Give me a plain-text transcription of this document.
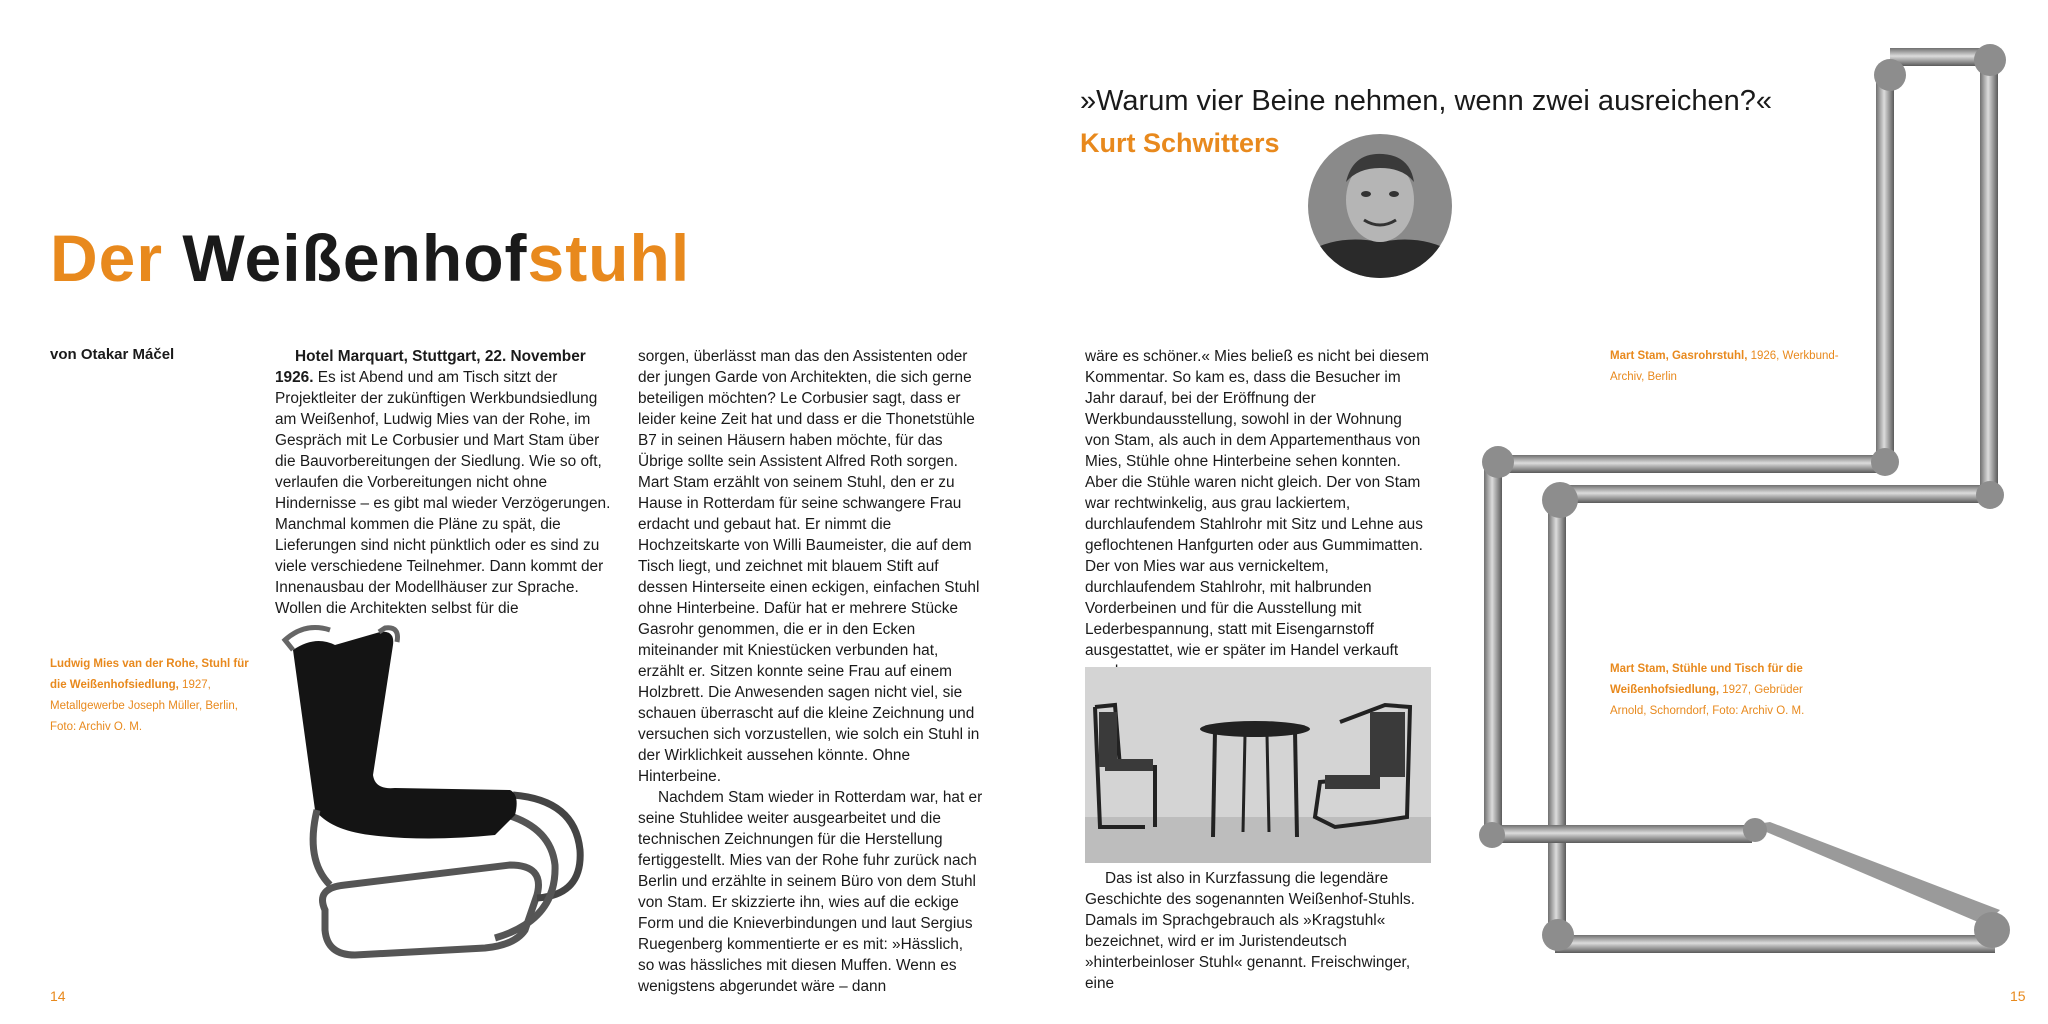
Der Weißenhofstuhl
von Otakar Máčel
Ludwig Mies van der Rohe, Stuhl für die Weißenhofsiedlung, 1927, Metallgewerbe Joseph Müller, Berlin, Foto: Archiv O. M.

Hotel Marquart, Stuttgart, 22. November 1926. Es ist Abend und am Tisch sitzt der Projektleiter der zukünftigen Werkbundsiedlung am Weißenhof, Ludwig Mies van der Rohe, im Gespräch mit Le Corbusier und Mart Stam über die Bauvorbereitungen der Siedlung. Wie so oft, verlaufen die Vorbereitungen nicht ohne Hindernisse – es gibt mal wieder Verzögerungen. Manchmal kommen die Pläne zu spät, die Lieferungen sind nicht pünktlich oder es sind zu viele verschiedene Teilnehmer. Dann kommt der Innenausbau der Modellhäuser zur Sprache. Wollen die Architekten selbst für die

sorgen, überlässt man das den Assistenten oder der jungen Garde von Architekten, die sich gerne beteiligen möchten? Le Corbusier sagt, dass er leider keine Zeit hat und dass er die Thonetstühle B7 in seinen Häusern haben möchte, für das Übrige sollte sein Assistent Alfred Roth sorgen. Mart Stam erzählt von seinem Stuhl, den er zu Hause in Rotterdam für seine schwangere Frau erdacht und gebaut hat. Er nimmt die Hochzeitskarte von Willi Baumeister, die auf dem Tisch liegt, und zeichnet mit blauem Stift auf dessen Hinterseite einen eckigen, einfachen Stuhl ohne Hinterbeine. Dafür hat er mehrere Stücke Gasrohr genommen, die er in den Ecken miteinander mit Kniestücken verbunden hat, erzählt er. Sitzen konnte seine Frau auf einem Holzbrett. Die Anwesenden sagen nicht viel, sie schauen überrascht auf die kleine Zeichnung und versuchen sich vorzustellen, wie solch ein Stuhl in der Wirklichkeit aussehen könnte. Ohne Hinterbeine.

Nachdem Stam wieder in Rotterdam war, hat er seine Stuhlidee weiter ausgearbeitet und die technischen Zeichnungen für die Herstellung fertiggestellt. Mies van der Rohe fuhr zurück nach Berlin und erzählte in seinem Büro von dem Stuhl von Stam. Er skizzierte ihn, wies auf die eckige Form und die Knieverbindungen und laut Sergius Ruegenberg kommentierte er es mit: »Hässlich, so was hässliches mit diesen Muffen. Wenn es wenigstens abgerundet wäre – dann

»Warum vier Beine nehmen, wenn zwei ausreichen?«
Kurt Schwitters

wäre es schöner.« Mies beließ es nicht bei diesem Kommentar. So kam es, dass die Besucher im Jahr darauf, bei der Eröffnung der Werkbundausstellung, sowohl in der Wohnung von Stam, als auch in dem Appartementhaus von Mies, Stühle ohne Hinterbeine sehen konnten. Aber die Stühle waren nicht gleich. Der von Stam war rechtwinkelig, aus grau lackiertem, durchlaufendem Stahlrohr mit Sitz und Lehne aus geflochtenen Hanfgurten oder aus Gummimatten. Der von Mies war aus vernickeltem, durchlaufendem Stahlrohr, mit halbrunden Vorderbeinen und für die Ausstellung mit Lederbespannung, statt mit Eisengarnstoff ausgestattet, wie er später im Handel verkauft

Das ist also in Kurzfassung die legendäre Geschichte des sogenannten Weißenhof-Stuhls. Damals im Sprachgebrauch als »Kragstuhl« bezeichnet, wird er im Juristendeutsch »hinterbeinloser Stuhl« genannt. Freischwinger, eine

Mart Stam, Gasrohrstuhl, 1926, Werkbund-Archiv, Berlin
Mart Stam, Stühle und Tisch für die Weißenhofsiedlung, 1927, Gebrüder Arnold, Schorndorf, Foto: Archiv O. M.
14	15
